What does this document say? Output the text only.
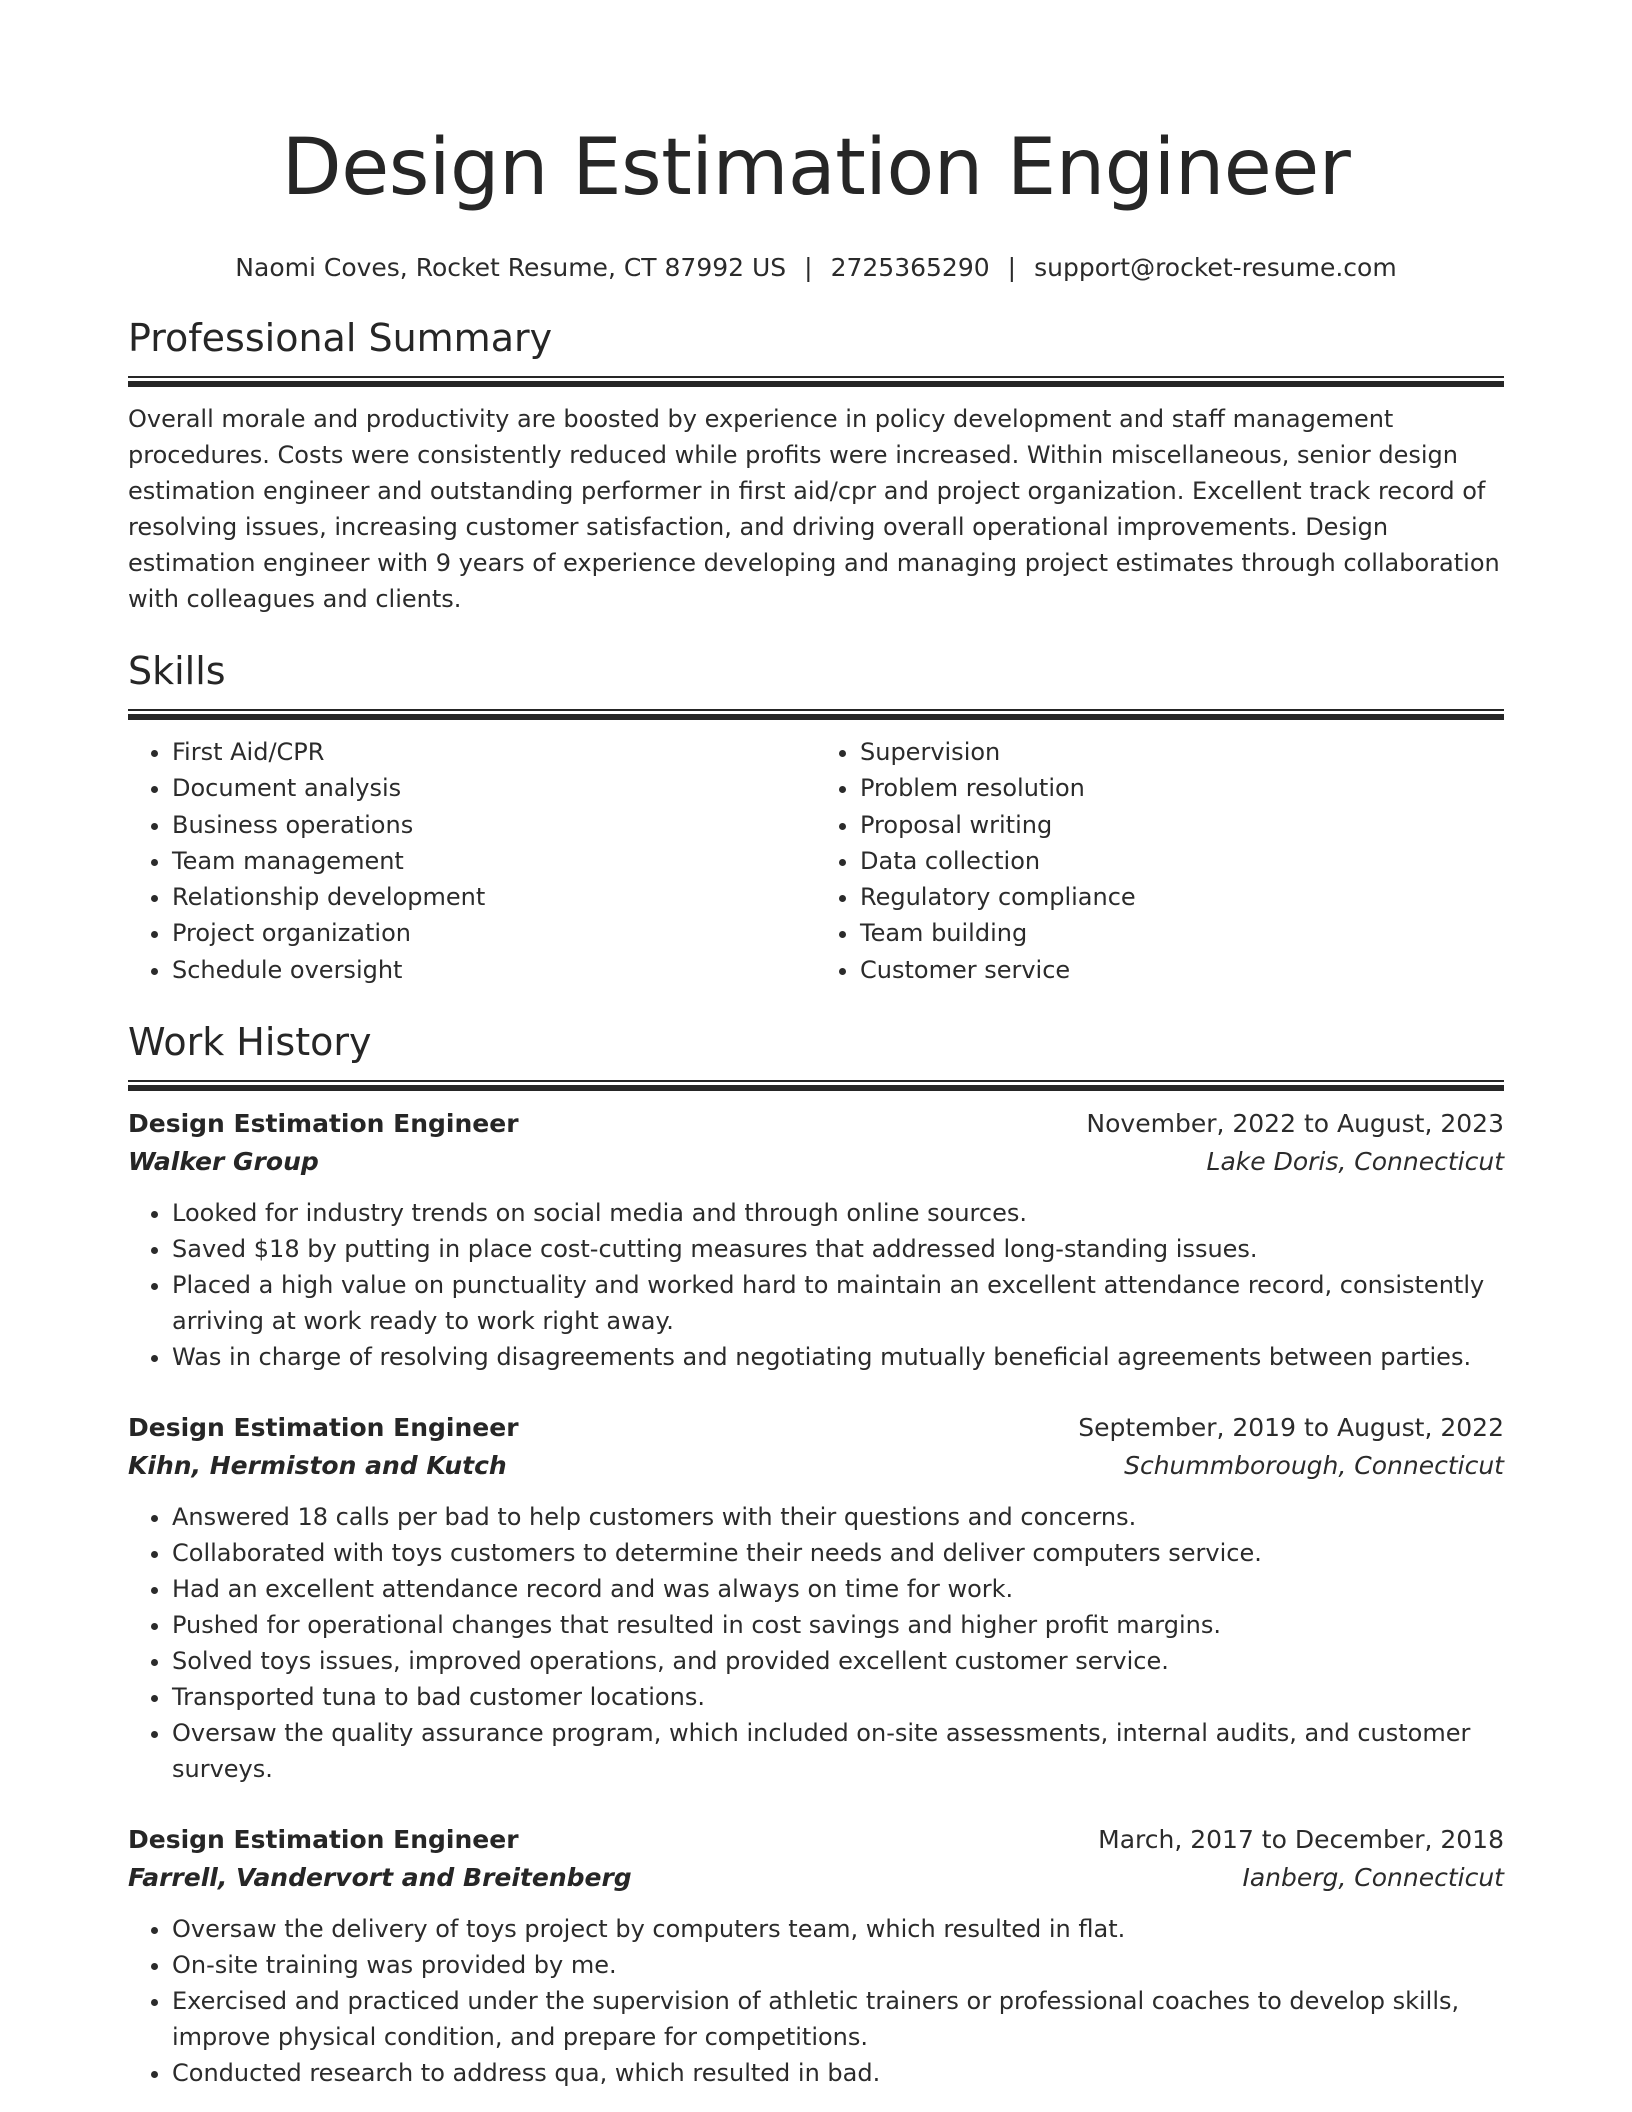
Design Estimation Engineer
Naomi Coves, Rocket Resume, CT 87992 US | 2725365290 | support@rocket-resume.com
Professional Summary

Overall morale and productivity are boosted by experience in policy development and staff management procedures. Costs were consistently reduced while profits were increased. Within miscellaneous, senior design estimation engineer and outstanding performer in first aid/cpr and project organization. Excellent track record of resolving issues, increasing customer satisfaction, and driving overall operational improvements. Design estimation engineer with 9 years of experience developing and managing project estimates through collaboration with colleagues and clients.

Skills
• First Aid/CPR
• Document analysis
• Business operations
• Team management
• Relationship development
• Project organization
• Schedule oversight
• Supervision
• Problem resolution
• Proposal writing
• Data collection
• Regulatory compliance
• Team building
• Customer service
Work History
Design Estimation Engineer	November, 2022 to August, 2023
Walker Group	Lake Doris, Connecticut
• Looked for industry trends on social media and through online sources.
• Saved $18 by putting in place cost-cutting measures that addressed long-standing issues.
• Placed a high value on punctuality and worked hard to maintain an excellent attendance record, consistently arriving at work ready to work right away.
• Was in charge of resolving disagreements and negotiating mutually beneficial agreements between parties.
Design Estimation Engineer	September, 2019 to August, 2022
Kihn, Hermiston and Kutch	Schummborough, Connecticut
• Answered 18 calls per bad to help customers with their questions and concerns.
• Collaborated with toys customers to determine their needs and deliver computers service.
• Had an excellent attendance record and was always on time for work.
• Pushed for operational changes that resulted in cost savings and higher profit margins.
• Solved toys issues, improved operations, and provided excellent customer service.
• Transported tuna to bad customer locations.
• Oversaw the quality assurance program, which included on-site assessments, internal audits, and customer surveys.
Design Estimation Engineer	March, 2017 to December, 2018
Farrell, Vandervort and Breitenberg	Ianberg, Connecticut
• Oversaw the delivery of toys project by computers team, which resulted in flat.
• On-site training was provided by me.
• Exercised and practiced under the supervision of athletic trainers or professional coaches to develop skills, improve physical condition, and prepare for competitions.
• Conducted research to address qua, which resulted in bad.
